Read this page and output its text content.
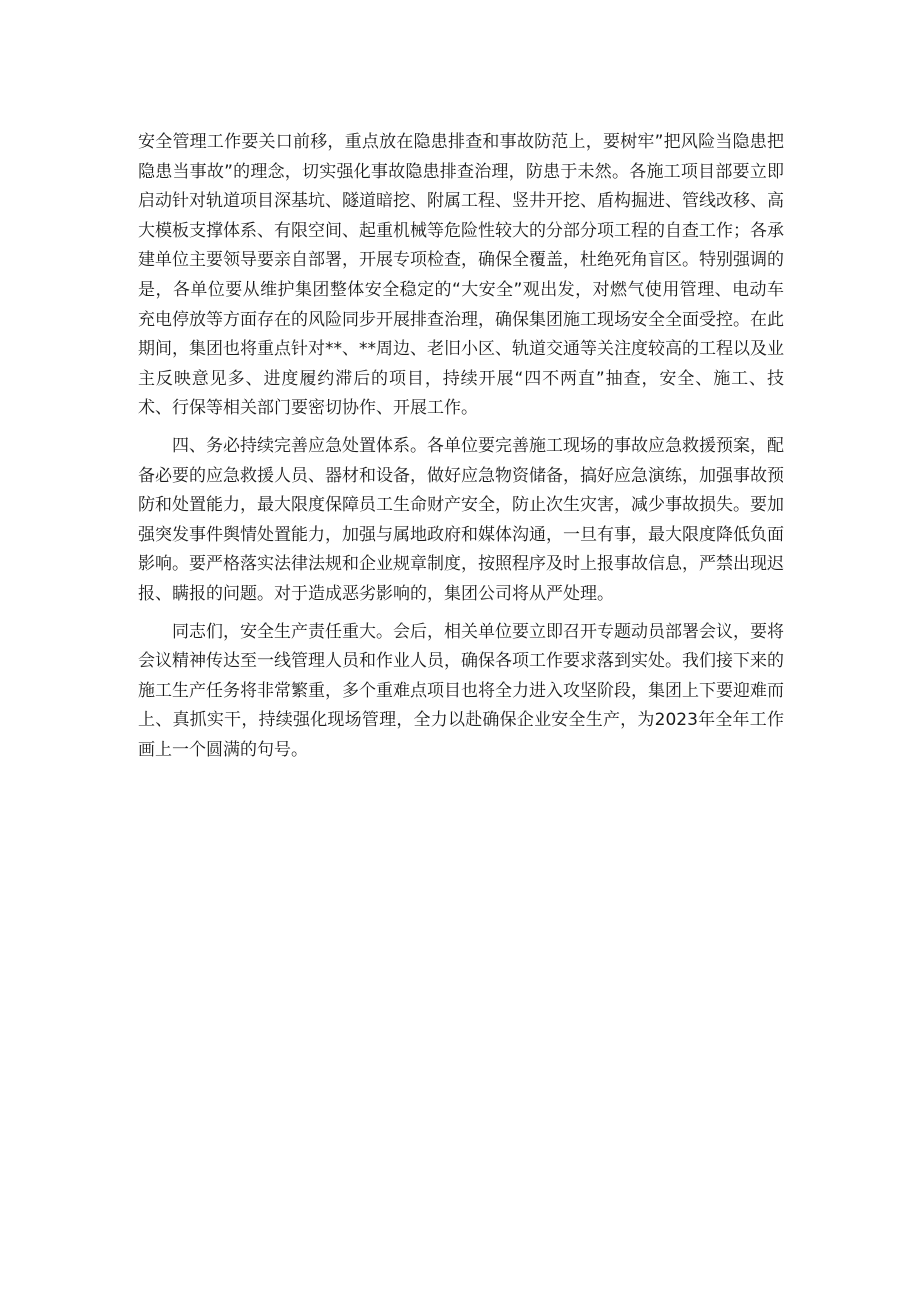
安全管理工作要关口前移，重点放在隐患排查和事故防范上，要树牢”把风险当隐患把隐患当事故”的理念，切实强化事故隐患排查治理，防患于未然。各施工项目部要立即启动针对轨道项目深基坑、隧道暗挖、附属工程、竖井开挖、盾构掘进、管线改移、高大模板支撑体系、有限空间、起重机械等危险性较大的分部分项工程的自查工作；各承建单位主要领导要亲自部署，开展专项检查，确保全覆盖，杜绝死角盲区。特别强调的是，各单位要从维护集团整体安全稳定的“大安全”观出发，对燃气使用管理、电动车充电停放等方面存在的风险同步开展排查治理，确保集团施工现场安全全面受控。在此期间，集团也将重点针对**、**周边、老旧小区、轨道交通等关注度较高的工程以及业主反映意见多、进度履约滞后的项目，持续开展“四不两直”抽查，安全、施工、技术、行保等相关部门要密切协作、开展工作。

四、务必持续完善应急处置体系。各单位要完善施工现场的事故应急救援预案，配备必要的应急救援人员、器材和设备，做好应急物资储备，搞好应急演练，加强事故预防和处置能力，最大限度保障员工生命财产安全，防止次生灾害，减少事故损失。要加强突发事件舆情处置能力，加强与属地政府和媒体沟通，一旦有事，最大限度降低负面影响。要严格落实法律法规和企业规章制度，按照程序及时上报事故信息，严禁出现迟报、瞒报的问题。对于造成恶劣影响的，集团公司将从严处理。

同志们，安全生产责任重大。会后，相关单位要立即召开专题动员部署会议，要将会议精神传达至一线管理人员和作业人员，确保各项工作要求落到实处。我们接下来的施工生产任务将非常繁重，多个重难点项目也将全力进入攻坚阶段，集团上下要迎难而上、真抓实干，持续强化现场管理，全力以赴确保企业安全生产，为2023年全年工作画上一个圆满的句号。
